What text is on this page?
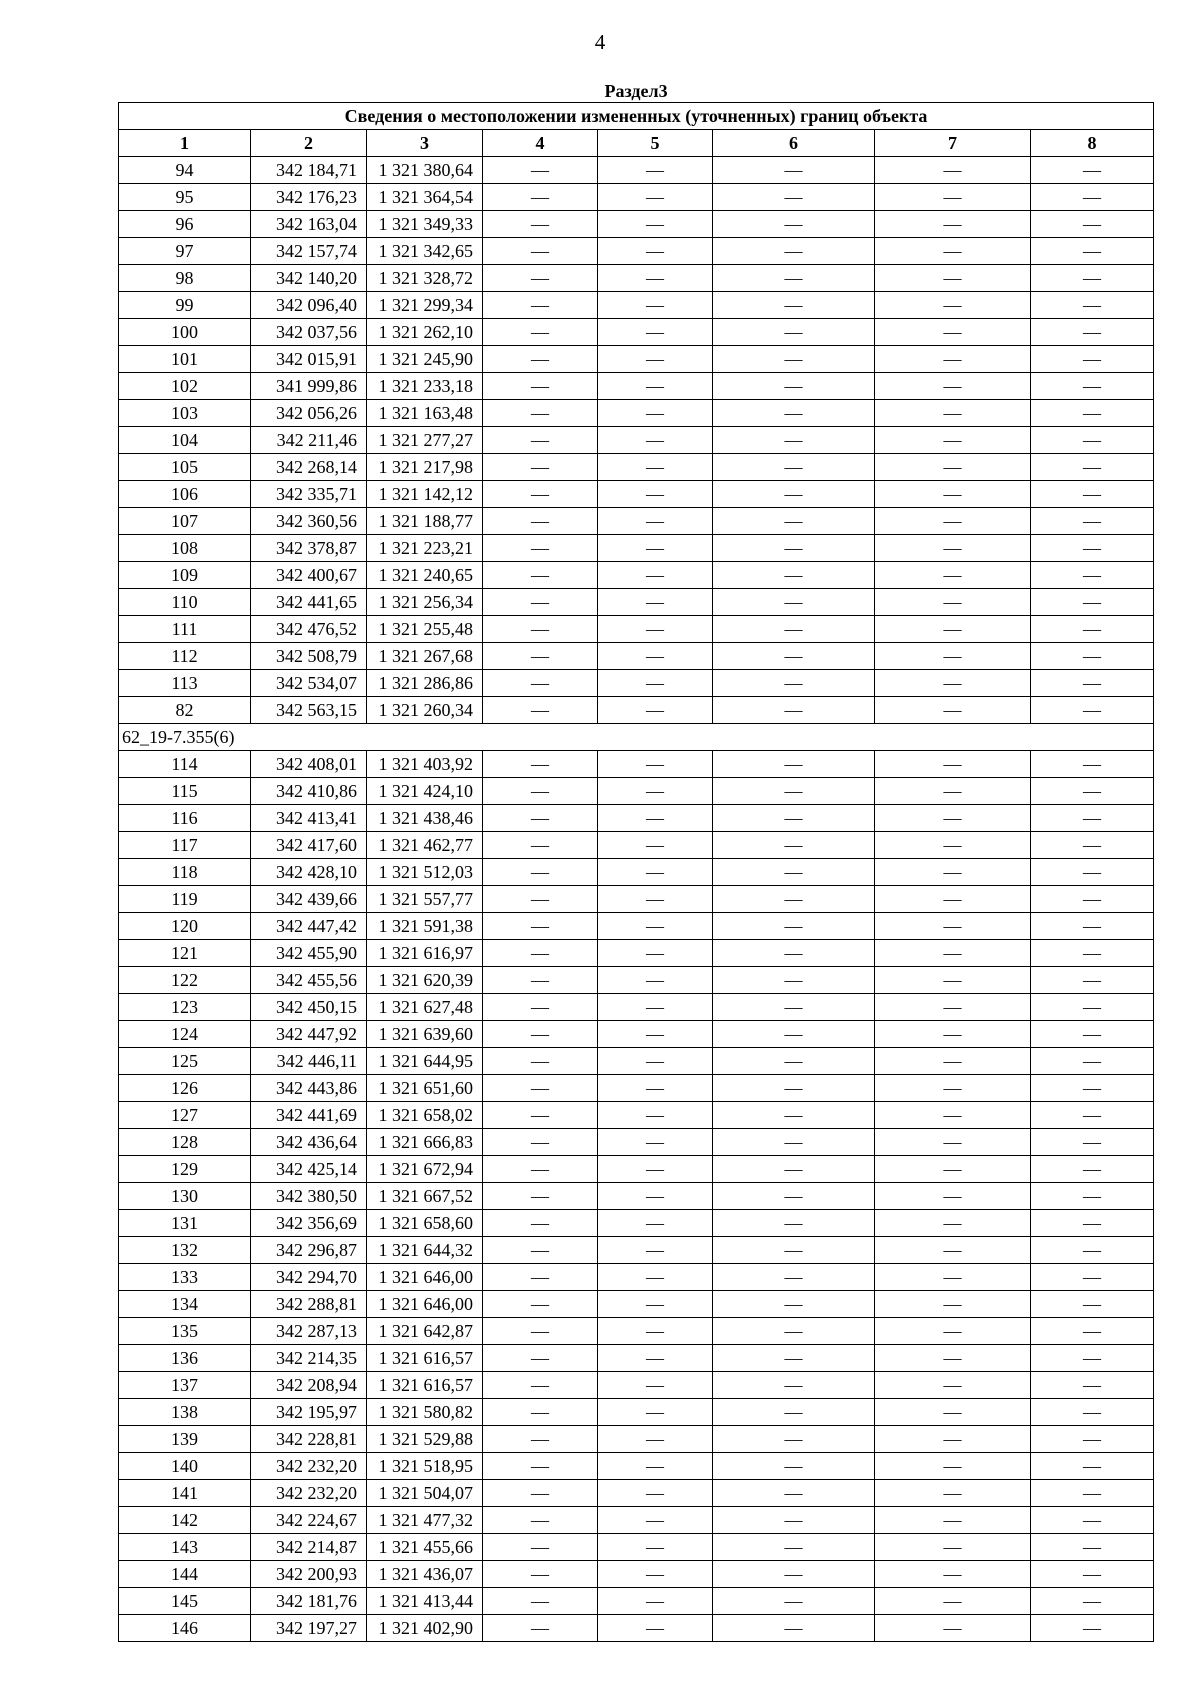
4
Раздел3							
Сведения о местоположении измененных (уточненных) границ объекта							
1	2	3	4	5	6	7	8
94	342 184,71	1 321 380,64	—	—	—	—	—
95	342 176,23	1 321 364,54	—	—	—	—	—
96	342 163,04	1 321 349,33	—	—	—	—	—
97	342 157,74	1 321 342,65	—	—	—	—	—
98	342 140,20	1 321 328,72	—	—	—	—	—
99	342 096,40	1 321 299,34	—	—	—	—	—
100	342 037,56	1 321 262,10	—	—	—	—	—
101	342 015,91	1 321 245,90	—	—	—	—	—
102	341 999,86	1 321 233,18	—	—	—	—	—
103	342 056,26	1 321 163,48	—	—	—	—	—
104	342 211,46	1 321 277,27	—	—	—	—	—
105	342 268,14	1 321 217,98	—	—	—	—	—
106	342 335,71	1 321 142,12	—	—	—	—	—
107	342 360,56	1 321 188,77	—	—	—	—	—
108	342 378,87	1 321 223,21	—	—	—	—	—
109	342 400,67	1 321 240,65	—	—	—	—	—
110	342 441,65	1 321 256,34	—	—	—	—	—
111	342 476,52	1 321 255,48	—	—	—	—	—
112	342 508,79	1 321 267,68	—	—	—	—	—
113	342 534,07	1 321 286,86	—	—	—	—	—
82	342 563,15	1 321 260,34	—	—	—	—	—
62_19-7.355(6)							
114	342 408,01	1 321 403,92	—	—	—	—	—
115	342 410,86	1 321 424,10	—	—	—	—	—
116	342 413,41	1 321 438,46	—	—	—	—	—
117	342 417,60	1 321 462,77	—	—	—	—	—
118	342 428,10	1 321 512,03	—	—	—	—	—
119	342 439,66	1 321 557,77	—	—	—	—	—
120	342 447,42	1 321 591,38	—	—	—	—	—
121	342 455,90	1 321 616,97	—	—	—	—	—
122	342 455,56	1 321 620,39	—	—	—	—	—
123	342 450,15	1 321 627,48	—	—	—	—	—
124	342 447,92	1 321 639,60	—	—	—	—	—
125	342 446,11	1 321 644,95	—	—	—	—	—
126	342 443,86	1 321 651,60	—	—	—	—	—
127	342 441,69	1 321 658,02	—	—	—	—	—
128	342 436,64	1 321 666,83	—	—	—	—	—
129	342 425,14	1 321 672,94	—	—	—	—	—
130	342 380,50	1 321 667,52	—	—	—	—	—
131	342 356,69	1 321 658,60	—	—	—	—	—
132	342 296,87	1 321 644,32	—	—	—	—	—
133	342 294,70	1 321 646,00	—	—	—	—	—
134	342 288,81	1 321 646,00	—	—	—	—	—
135	342 287,13	1 321 642,87	—	—	—	—	—
136	342 214,35	1 321 616,57	—	—	—	—	—
137	342 208,94	1 321 616,57	—	—	—	—	—
138	342 195,97	1 321 580,82	—	—	—	—	—
139	342 228,81	1 321 529,88	—	—	—	—	—
140	342 232,20	1 321 518,95	—	—	—	—	—
141	342 232,20	1 321 504,07	—	—	—	—	—
142	342 224,67	1 321 477,32	—	—	—	—	—
143	342 214,87	1 321 455,66	—	—	—	—	—
144	342 200,93	1 321 436,07	—	—	—	—	—
145	342 181,76	1 321 413,44	—	—	—	—	—
146	342 197,27	1 321 402,90	—	—	—	—	—
